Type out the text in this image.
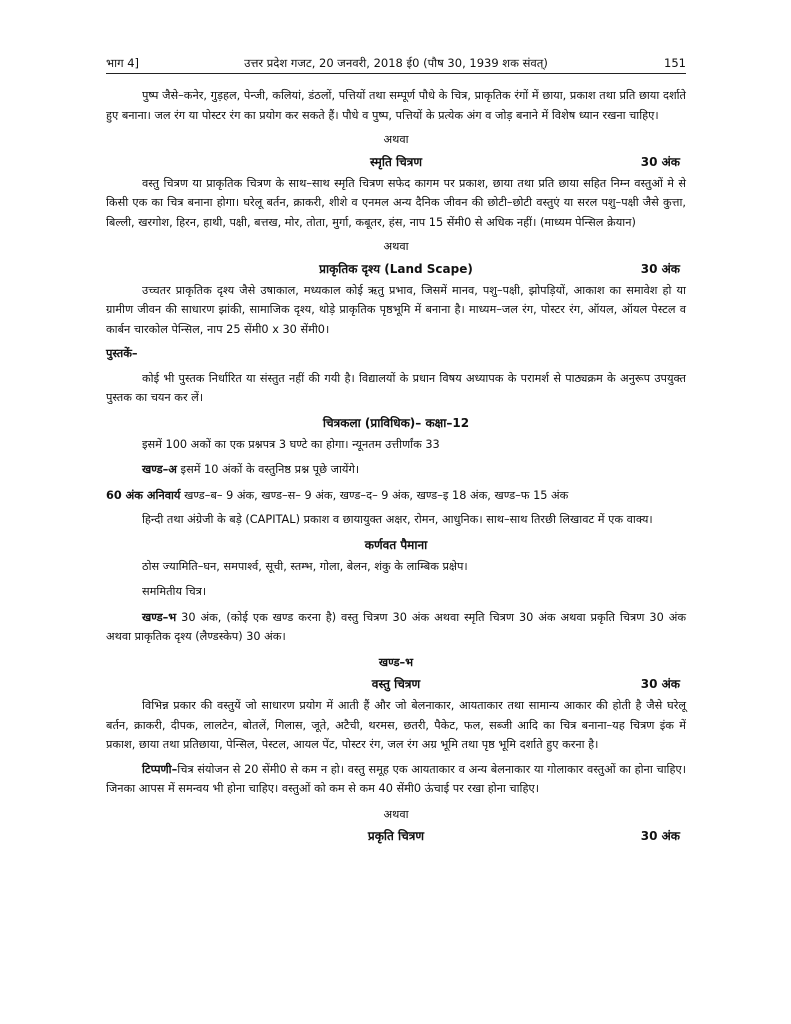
भाग 4]	उत्तर प्रदेश गजट, 20 जनवरी, 2018 ई0 (पौष 30, 1939 शक संवत्)	151

पुष्प जैसे–कनेर, गुड़हल, पेन्जी, कलियां, डंठलों, पत्तियों तथा सम्पूर्ण पौधे के चित्र, प्राकृतिक रंगों में छाया, प्रकाश तथा प्रति छाया दर्शाते हुए बनाना। जल रंग या पोस्टर रंग का प्रयोग कर सकते हैं। पौधे व पुष्प, पत्तियों के प्रत्येक अंग व जोड़ बनाने में विशेष ध्यान रखना चाहिए।

अथवा
स्मृति चित्रण	30 अंक

वस्तु चित्रण या प्राकृतिक चित्रण के साथ–साथ स्मृति चित्रण सफेद कागम पर प्रकाश, छाया तथा प्रति छाया सहित निम्न वस्तुओं मे से किसी एक का चित्र बनाना होगा। घरेलू बर्तन, क्राकरी, शीशे व एनमल अन्य दैनिक जीवन की छोटी–छोटी वस्तुएं या सरल पशु–पक्षी जैसे कुत्ता, बिल्ली, खरगोश, हिरन, हाथी, पक्षी, बत्तख, मोर, तोता, मुर्गा, कबूतर, हंस, नाप 15 सेंमी0 से अधिक नहीं। (माध्यम पेन्सिल क्रेयान)

अथवा
प्राकृतिक दृश्य (Land Scape)	30 अंक

उच्चतर प्राकृतिक दृश्य जैसे उषाकाल, मध्यकाल कोई ऋतु प्रभाव, जिसमें मानव, पशु–पक्षी, झोपड़ियों, आकाश का समावेश हो या ग्रामीण जीवन की साधारण झांकी, सामाजिक दृश्य, थोड़े प्राकृतिक पृष्ठभूमि में बनाना है। माध्यम–जल रंग, पोस्टर रंग, ऑयल, ऑयल पेस्टल व कार्बन चारकोल पेन्सिल, नाप 25 सेंमी0 x 30 सेंमी0।

पुस्तकें–

कोई भी पुस्तक निर्धारित या संस्तुत नहीं की गयी है। विद्यालयों के प्रधान विषय अध्यापक के परामर्श से पाठ्यक्रम के अनुरूप उपयुक्त पुस्तक का चयन कर लें।

चित्रकला (प्राविधिक)– कक्षा–12

इसमें 100 अकों का एक प्रश्नपत्र 3 घण्टे का होगा। न्यूनतम उत्तीर्णांक 33

खण्ड–अ इसमें 10 अंकों के वस्तुनिष्ठ प्रश्न पूछे जायेंगे।

60 अंक अनिवार्य खण्ड–ब– 9 अंक, खण्ड–स– 9 अंक, खण्ड–द– 9 अंक, खण्ड–इ 18 अंक, खण्ड–फ 15 अंक

हिन्दी तथा अंग्रेजी के बड़े (CAPITAL) प्रकाश व छायायुक्त अक्षर, रोमन, आधुनिक। साथ–साथ तिरछी लिखावट में एक वाक्य।

कर्णवत पैमाना

ठोस ज्यामिति–घन, समपार्श्व, सूची, स्तम्भ, गोला, बेलन, शंकु के लाम्बिक प्रक्षेप।

सममितीय चित्र।

खण्ड–भ 30 अंक, (कोई एक खण्ड करना है) वस्तु चित्रण 30 अंक अथवा स्मृति चित्रण 30 अंक अथवा प्रकृति चित्रण 30 अंक अथवा प्राकृतिक दृश्य (लैण्डस्केप) 30 अंक।

खण्ड–भ
वस्तु चित्रण	30 अंक

विभिन्न प्रकार की वस्तुयें जो साधारण प्रयोग में आती हैं और जो बेलनाकार, आयताकार तथा सामान्य आकार की होती है जैसे घरेलू बर्तन, क्राकरी, दीपक, लालटेन, बोतलें, गिलास, जूते, अटैची, थरमस, छतरी, पैकेट, फल, सब्जी आदि का चित्र बनाना–यह चित्रण इंक में प्रकाश, छाया तथा प्रतिछाया, पेन्सिल, पेस्टल, आयल पेंट, पोस्टर रंग, जल रंग अग्र भूमि तथा पृष्ठ भूमि दर्शाते हुए करना है।

टिप्पणी–चित्र संयोजन से 20 सेंमी0 से कम न हो। वस्तु समूह एक आयताकार व अन्य बेलनाकार या गोलाकार वस्तुओं का होना चाहिए। जिनका आपस में समन्वय भी होना चाहिए। वस्तुओं को कम से कम 40 सेंमी0 ऊंचाई पर रखा होना चाहिए।

अथवा
प्रकृति चित्रण	30 अंक
